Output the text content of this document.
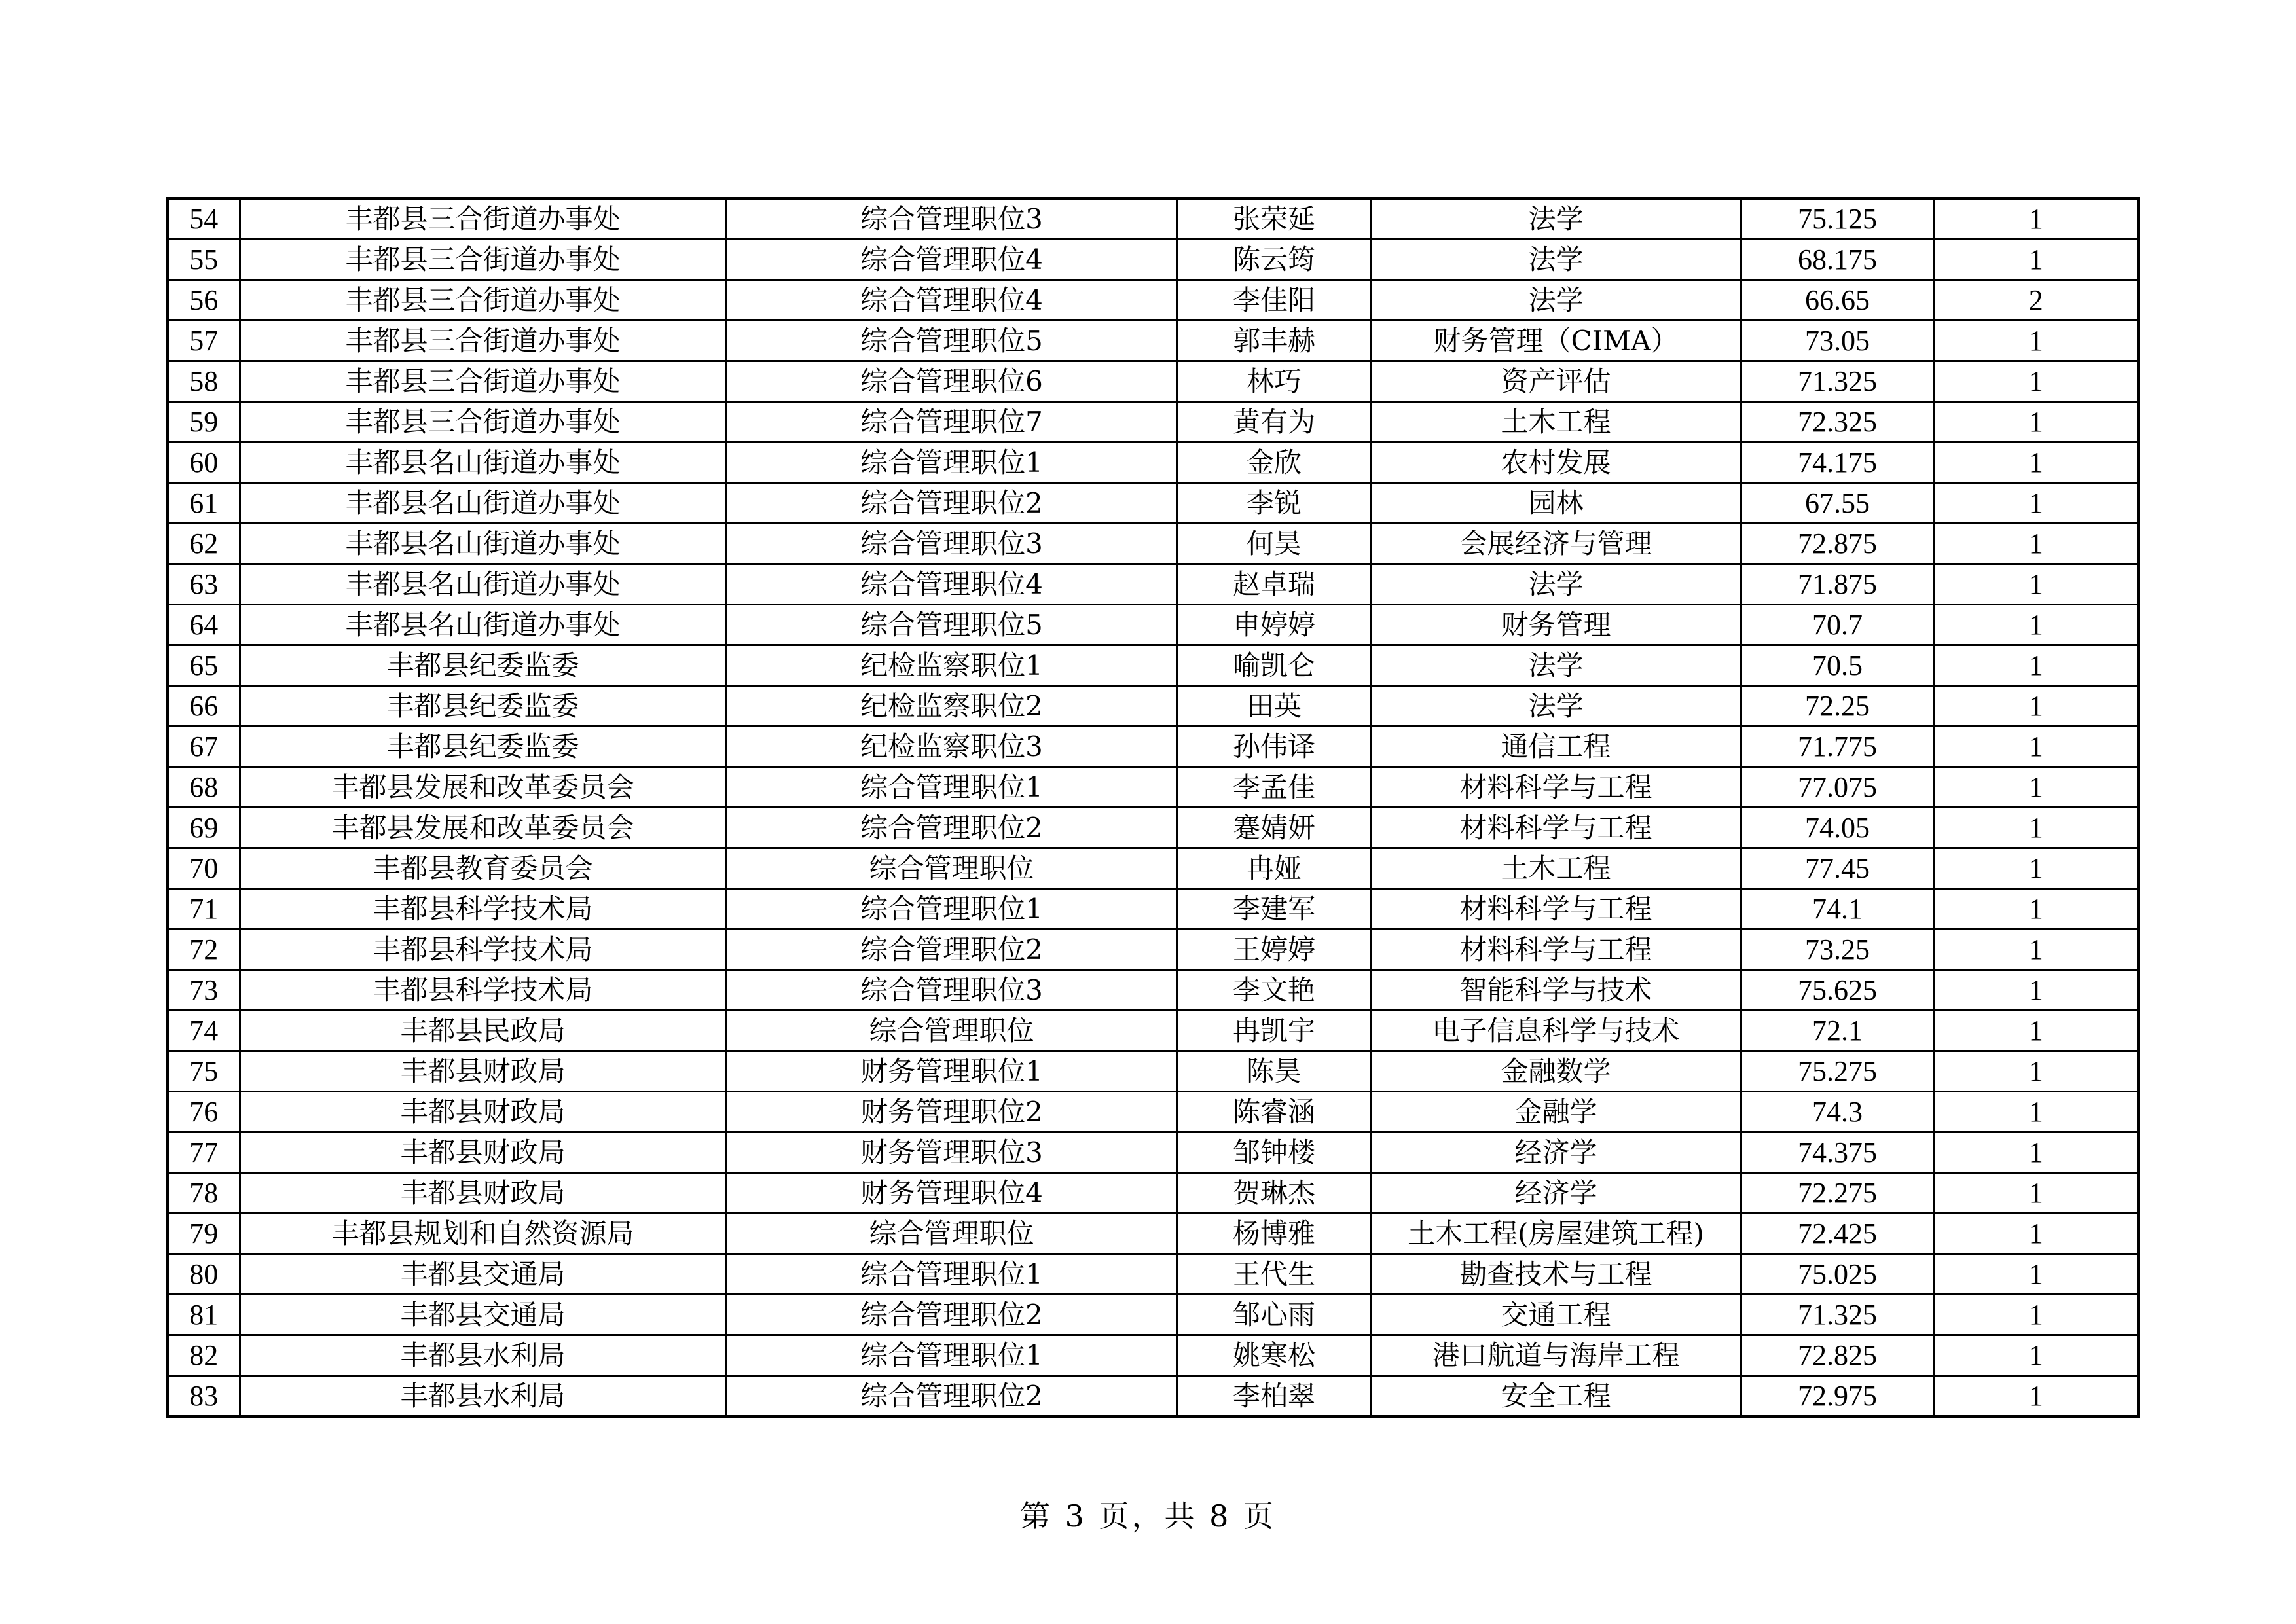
54	丰都县三合街道办事处	综合管理职位3	张荣延	法学	75.125	1
55	丰都县三合街道办事处	综合管理职位4	陈云筠	法学	68.175	1
56	丰都县三合街道办事处	综合管理职位4	李佳阳	法学	66.65	2
57	丰都县三合街道办事处	综合管理职位5	郭丰赫	财务管理（CIMA）	73.05	1
58	丰都县三合街道办事处	综合管理职位6	林巧	资产评估	71.325	1
59	丰都县三合街道办事处	综合管理职位7	黄有为	土木工程	72.325	1
60	丰都县名山街道办事处	综合管理职位1	金欣	农村发展	74.175	1
61	丰都县名山街道办事处	综合管理职位2	李锐	园林	67.55	1
62	丰都县名山街道办事处	综合管理职位3	何昊	会展经济与管理	72.875	1
63	丰都县名山街道办事处	综合管理职位4	赵卓瑞	法学	71.875	1
64	丰都县名山街道办事处	综合管理职位5	申婷婷	财务管理	70.7	1
65	丰都县纪委监委	纪检监察职位1	喻凯仑	法学	70.5	1
66	丰都县纪委监委	纪检监察职位2	田英	法学	72.25	1
67	丰都县纪委监委	纪检监察职位3	孙伟译	通信工程	71.775	1
68	丰都县发展和改革委员会	综合管理职位1	李孟佳	材料科学与工程	77.075	1
69	丰都县发展和改革委员会	综合管理职位2	蹇婧妍	材料科学与工程	74.05	1
70	丰都县教育委员会	综合管理职位	冉娅	土木工程	77.45	1
71	丰都县科学技术局	综合管理职位1	李建军	材料科学与工程	74.1	1
72	丰都县科学技术局	综合管理职位2	王婷婷	材料科学与工程	73.25	1
73	丰都县科学技术局	综合管理职位3	李文艳	智能科学与技术	75.625	1
74	丰都县民政局	综合管理职位	冉凯宇	电子信息科学与技术	72.1	1
75	丰都县财政局	财务管理职位1	陈昊	金融数学	75.275	1
76	丰都县财政局	财务管理职位2	陈睿涵	金融学	74.3	1
77	丰都县财政局	财务管理职位3	邹钟楼	经济学	74.375	1
78	丰都县财政局	财务管理职位4	贺琳杰	经济学	72.275	1
79	丰都县规划和自然资源局	综合管理职位	杨博雅	土木工程(房屋建筑工程)	72.425	1
80	丰都县交通局	综合管理职位1	王代生	勘查技术与工程	75.025	1
81	丰都县交通局	综合管理职位2	邹心雨	交通工程	71.325	1
82	丰都县水利局	综合管理职位1	姚寒松	港口航道与海岸工程	72.825	1
83	丰都县水利局	综合管理职位2	李柏翠	安全工程	72.975	1
第 3 页，共 8 页
